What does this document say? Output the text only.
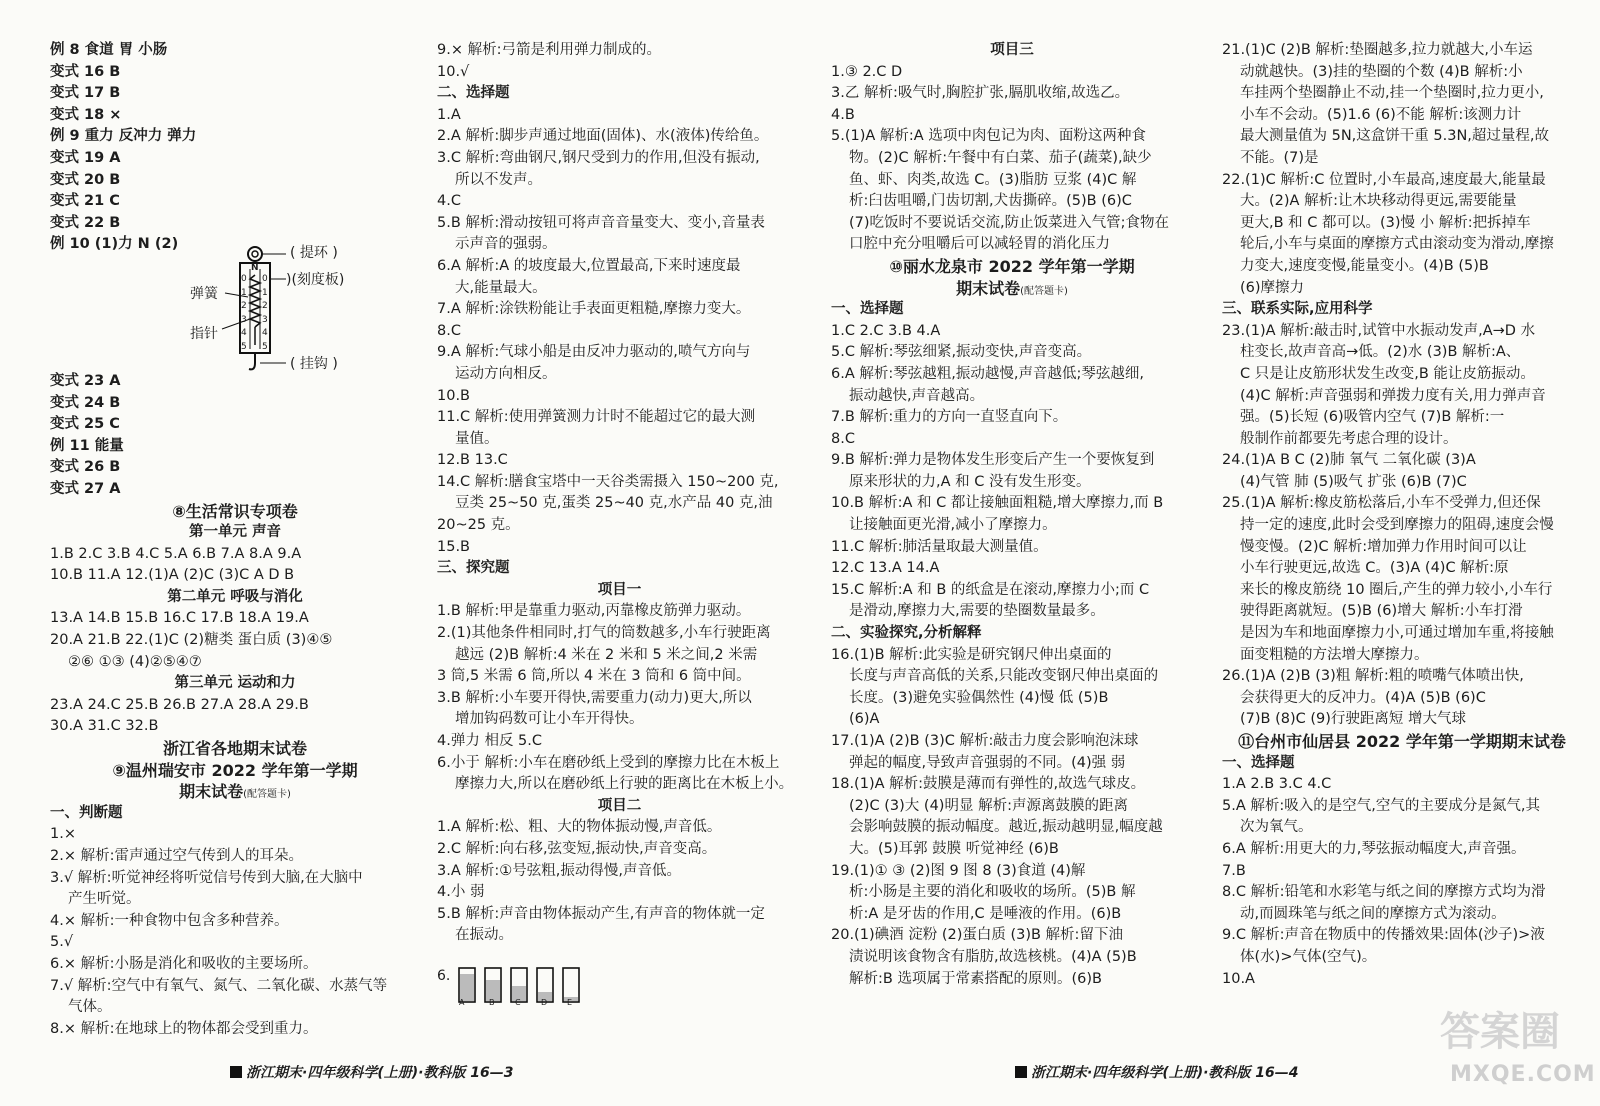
例 8 食道 胃 小肠
变式 16 B
变式 17 B
变式 18 ×
例 9 重力 反冲力 弹力
变式 19 A
变式 20 B
变式 21 C
变式 22 B
例 10 (1)力 N (2)
变式 23 A
变式 24 B
变式 25 C
例 11 能量
变式 26 B
变式 27 A
⑧生活常识专项卷
第一单元 声音
1.B 2.C 3.B 4.C 5.A 6.B 7.A 8.A 9.A
10.B 11.A 12.(1)A (2)C (3)C A D B
第二单元 呼吸与消化
13.A 14.B 15.B 16.C 17.B 18.A 19.A
20.A 21.B 22.(1)C (2)糖类 蛋白质 (3)④⑤
②⑥ ①③ (4)②⑤④⑦
第三单元 运动和力
23.A 24.C 25.B 26.B 27.A 28.A 29.B
30.A 31.C 32.B
浙江省各地期末试卷
⑨温州瑞安市 2022 学年第一学期
期末试卷(配答题卡)
一、判断题
1.×
2.× 解析:雷声通过空气传到人的耳朵。
3.√ 解析:听觉神经将听觉信号传到大脑,在大脑中
产生听觉。
4.× 解析:一种食物中包含多种营养。
5.√
6.× 解析:小肠是消化和吸收的主要场所。
7.√ 解析:空气中有氧气、氮气、二氧化碳、水蒸气等
气体。
8.× 解析:在地球上的物体都会受到重力。
( 提环 )
)(刻度板)
弹簧
指针
( 挂钩 )
N
0
1
2
3
4
5
0
1
2
3
4
5
9.× 解析:弓箭是利用弹力制成的。
10.√
二、选择题
1.A
2.A 解析:脚步声通过地面(固体)、水(液体)传给鱼。
3.C 解析:弯曲钢尺,钢尺受到力的作用,但没有振动,
所以不发声。
4.C
5.B 解析:滑动按钮可将声音音量变大、变小,音量表
示声音的强弱。
6.A 解析:A 的坡度最大,位置最高,下来时速度最
大,能量最大。
7.A 解析:涂铁粉能让手表面更粗糙,摩擦力变大。
8.C
9.A 解析:气球小船是由反冲力驱动的,喷气方向与
运动方向相反。
10.B
11.C 解析:使用弹簧测力计时不能超过它的最大测
量值。
12.B 13.C
14.C 解析:膳食宝塔中一天谷类需摄入 150~200 克,
豆类 25~50 克,蛋类 25~40 克,水产品 40 克,油
20~25 克。
15.B
三、探究题
项目一
1.B 解析:甲是靠重力驱动,丙靠橡皮筋弹力驱动。
2.(1)其他条件相同时,打气的筒数越多,小车行驶距离
越远 (2)B 解析:4 米在 2 米和 5 米之间,2 米需
3 筒,5 米需 6 筒,所以 4 米在 3 筒和 6 筒中间。
3.B 解析:小车要开得快,需要重力(动力)更大,所以
增加钩码数可让小车开得快。
4.弹力 相反 5.C
6.小于 解析:小车在磨砂纸上受到的摩擦力比在木板上
摩擦力大,所以在磨砂纸上行驶的距离比在木板上小。
项目二
1.A 解析:松、粗、大的物体振动慢,声音低。
2.C 解析:向右移,弦变短,振动快,声音变高。
3.A 解析:①号弦粗,振动得慢,声音低。
4.小 弱
5.B 解析:声音由物体振动产生,有声音的物体就一定
在振动。
6.
A	B	C	D E
项目三
1.③ 2.C D
3.乙 解析:吸气时,胸腔扩张,膈肌收缩,故选乙。
4.B
5.(1)A 解析:A 选项中肉包记为肉、面粉这两种食
物。(2)C 解析:午餐中有白菜、茄子(蔬菜),缺少
鱼、虾、肉类,故选 C。(3)脂肪 豆浆 (4)C 解
析:臼齿咀嚼,门齿切割,犬齿撕碎。(5)B (6)C
(7)吃饭时不要说话交流,防止饭菜进入气管;食物在
口腔中充分咀嚼后可以减轻胃的消化压力
⑩丽水龙泉市 2022 学年第一学期
期末试卷(配答题卡)
一、选择题
1.C 2.C 3.B 4.A
5.C 解析:琴弦细紧,振动变快,声音变高。
6.A 解析:琴弦越粗,振动越慢,声音越低;琴弦越细,
振动越快,声音越高。
7.B 解析:重力的方向一直竖直向下。
8.C
9.B 解析:弹力是物体发生形变后产生一个要恢复到
原来形状的力,A 和 C 没有发生形变。
10.B 解析:A 和 C 都让接触面粗糙,增大摩擦力,而 B
让接触面更光滑,减小了摩擦力。
11.C 解析:肺活量取最大测量值。
12.C 13.A 14.A
15.C 解析:A 和 B 的纸盒是在滚动,摩擦力小;而 C
是滑动,摩擦力大,需要的垫圈数量最多。
二、实验探究,分析解释
16.(1)B 解析:此实验是研究钢尺伸出桌面的
长度与声音高低的关系,只能改变钢尺伸出桌面的
长度。(3)避免实验偶然性 (4)慢 低 (5)B
(6)A
17.(1)A (2)B (3)C 解析:敲击力度会影响泡沫球
弹起的幅度,导致声音强弱的不同。(4)强 弱
18.(1)A 解析:鼓膜是薄而有弹性的,故选气球皮。
(2)C (3)大 (4)明显 解析:声源离鼓膜的距离
会影响鼓膜的振动幅度。越近,振动越明显,幅度越
大。(5)耳郭 鼓膜 听觉神经 (6)B
19.(1)① ③ (2)图 9 图 8 (3)食道 (4)解
析:小肠是主要的消化和吸收的场所。(5)B 解
析:A 是牙齿的作用,C 是唾液的作用。(6)B
20.(1)碘酒 淀粉 (2)蛋白质 (3)B 解析:留下油
渍说明该食物含有脂肪,故选核桃。(4)A (5)B
解析:B 选项属于常素搭配的原则。(6)B
21.(1)C (2)B 解析:垫圈越多,拉力就越大,小车运
动就越快。(3)挂的垫圈的个数 (4)B 解析:小
车挂两个垫圈静止不动,挂一个垫圈时,拉力更小,
小车不会动。(5)1.6 (6)不能 解析:该测力计
最大测量值为 5N,这盒饼干重 5.3N,超过量程,故
不能。(7)是
22.(1)C 解析:C 位置时,小车最高,速度最大,能量最
大。(2)A 解析:让木块移动得更远,需要能量
更大,B 和 C 都可以。(3)慢 小 解析:把拆掉车
轮后,小车与桌面的摩擦方式由滚动变为滑动,摩擦
力变大,速度变慢,能量变小。(4)B (5)B
(6)摩擦力
三、联系实际,应用科学
23.(1)A 解析:敲击时,试管中水振动发声,A→D 水
柱变长,故声音高→低。(2)水 (3)B 解析:A、
C 只是让皮筋形状发生改变,B 能让皮筋振动。
(4)C 解析:声音强弱和弹拨力度有关,用力弹声音
强。(5)长短 (6)吸管内空气 (7)B 解析:一
般制作前都要先考虑合理的设计。
24.(1)A B C (2)肺 氧气 二氧化碳 (3)A
(4)气管 肺 (5)吸气 扩张 (6)B (7)C
25.(1)A 解析:橡皮筋松落后,小车不受弹力,但还保
持一定的速度,此时会受到摩擦力的阻碍,速度会慢
慢变慢。(2)C 解析:增加弹力作用时间可以让
小车行驶更远,故选 C。(3)A (4)C 解析:原
来长的橡皮筋绕 10 圈后,产生的弹力较小,小车行
驶得距离就短。(5)B (6)增大 解析:小车打滑
是因为车和地面摩擦力小,可通过增加车重,将接触
面变粗糙的方法增大摩擦力。
26.(1)A (2)B (3)粗 解析:粗的喷嘴气体喷出快,
会获得更大的反冲力。(4)A (5)B (6)C
(7)B (8)C (9)行驶距离短 增大气球
⑪台州市仙居县 2022 学年第一学期期末试卷
一、选择题
1.A 2.B 3.C 4.C
5.A 解析:吸入的是空气,空气的主要成分是氮气,其
次为氧气。
6.A 解析:用更大的力,琴弦振动幅度大,声音强。
7.B
8.C 解析:铅笔和水彩笔与纸之间的摩擦方式均为滑
动,而圆珠笔与纸之间的摩擦方式为滚动。
9.C 解析:声音在物质中的传播效果:固体(沙子)>液
体(水)>气体(空气)。
10.A
浙江期末·四年级科学(上册)·教科版 16—3	浙江期末·四年级科学(上册)·教科版 16—4
答案圈
MXQE.COM
